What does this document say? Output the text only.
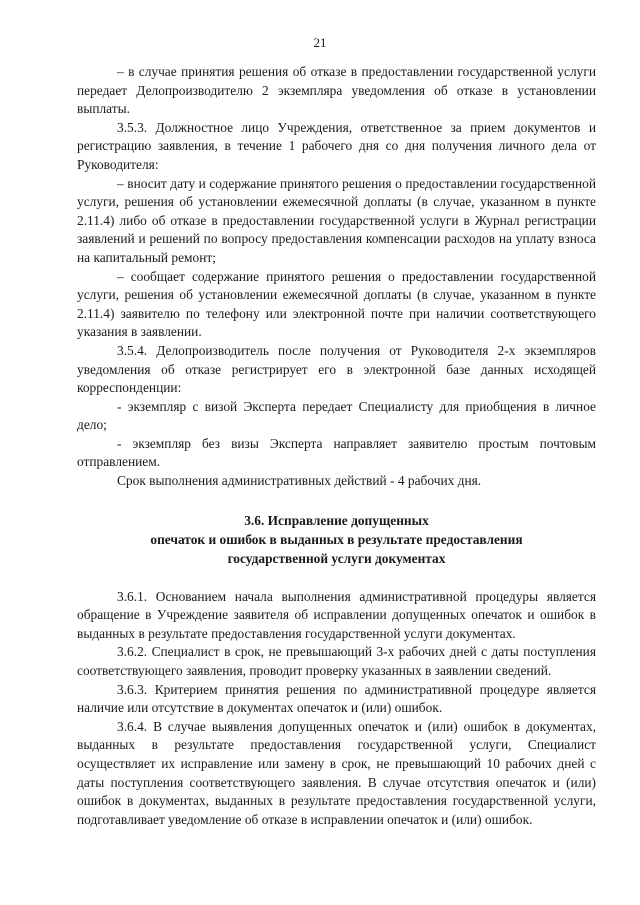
21

– в случае принятия решения об отказе в предоставлении государственной услуги передает Делопроизводителю 2 экземпляра уведомления об отказе в установлении выплаты.

3.5.3. Должностное лицо Учреждения, ответственное за прием документов и регистрацию заявления, в течение 1 рабочего дня со дня получения личного дела от Руководителя:

– вносит дату и содержание принятого решения о предоставлении государственной услуги, решения об установлении ежемесячной доплаты (в случае, указанном в пункте 2.11.4) либо об отказе в предоставлении государственной услуги в Журнал регистрации заявлений и решений по вопросу предоставления компенсации расходов на уплату взноса на капитальный ремонт;

– сообщает содержание принятого решения о предоставлении государственной услуги, решения об установлении ежемесячной доплаты (в случае, указанном в пункте 2.11.4) заявителю по телефону или электронной почте при наличии соответствующего указания в заявлении.

3.5.4. Делопроизводитель после получения от Руководителя 2-х экземпляров уведомления об отказе регистрирует его в электронной базе данных исходящей корреспонденции:

- экземпляр с визой Эксперта передает Специалисту для приобщения в личное дело;

- экземпляр без визы Эксперта направляет заявителю простым почтовым отправлением.

Срок выполнения административных действий - 4 рабочих дня.

3.6. Исправление допущенных
опечаток и ошибок в выданных в результате предоставления
государственной услуги документах

3.6.1. Основанием начала выполнения административной процедуры является обращение в Учреждение заявителя об исправлении допущенных опечаток и ошибок в выданных в результате предоставления государственной услуги документах.

3.6.2. Специалист в срок, не превышающий 3-х рабочих дней с даты поступления соответствующего заявления, проводит проверку указанных в заявлении сведений.

3.6.3. Критерием принятия решения по административной процедуре является наличие или отсутствие в документах опечаток и (или) ошибок.

3.6.4. В случае выявления допущенных опечаток и (или) ошибок в документах, выданных в результате предоставления государственной услуги, Специалист осуществляет их исправление или замену в срок, не превышающий 10 рабочих дней с даты поступления соответствующего заявления. В случае отсутствия опечаток и (или) ошибок в документах, выданных в результате предоставления государственной услуги, подготавливает уведомление об отказе в исправлении опечаток и (или) ошибок.
